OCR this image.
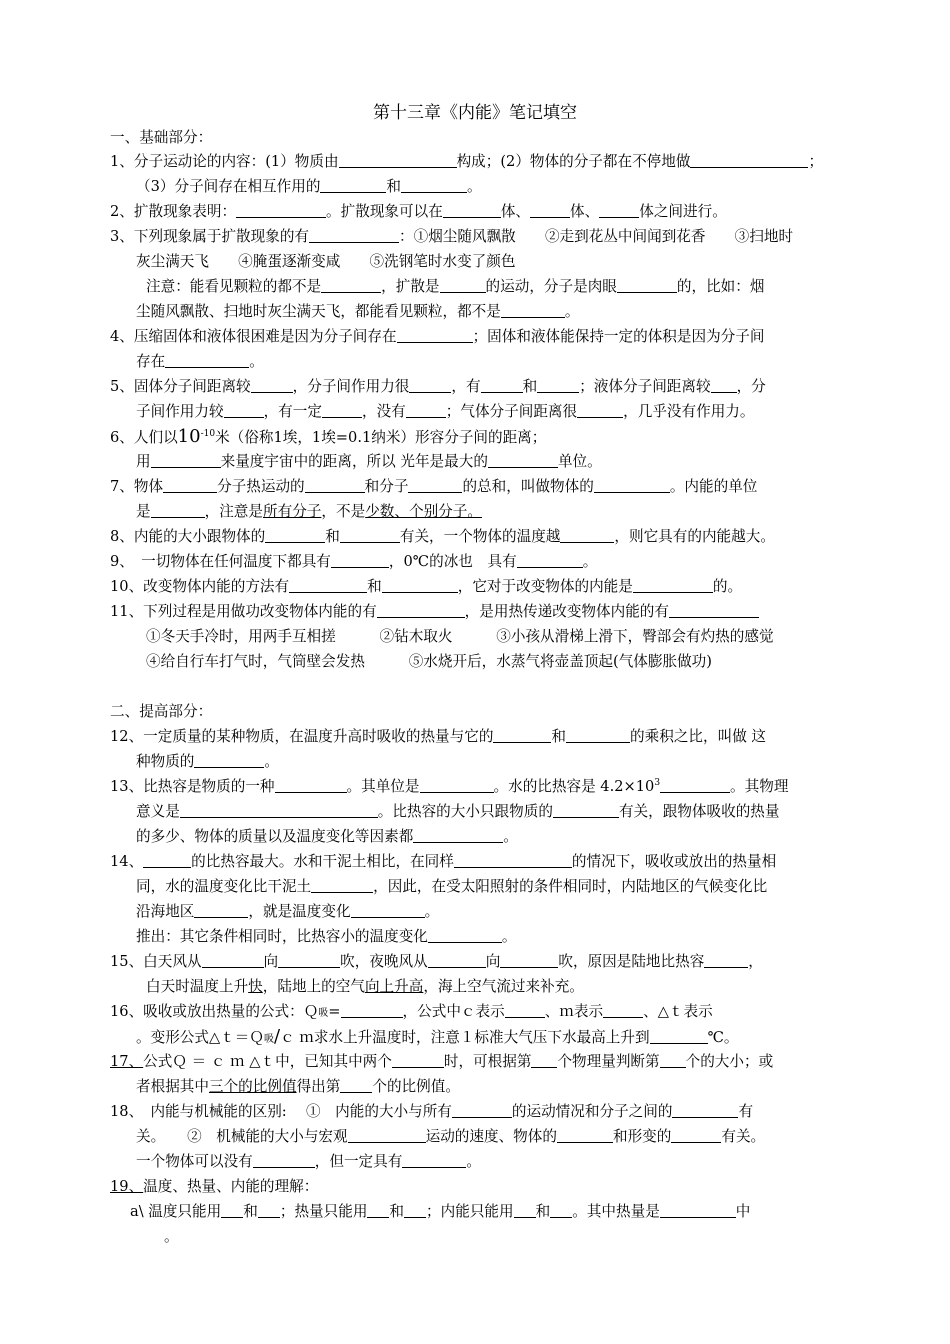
第十三章《内能》笔记填空
一、基础部分：
1、分子运动论的内容：(1）物质由	构成；(2）物体的分子都在不停地做	；
（3）分子间存在相互作用的	和	。
2、扩散现象表明：	。扩散现象可以在	体、	体、	体之间进行。
3、下列现象属于扩散现象的有	：①烟尘随风飘散　　②走到花丛中间闻到花香　　③扫地时
灰尘满天飞　　④腌蛋逐渐变咸　　⑤洗钢笔时水变了颜色
注意：能看见颗粒的都不是	，扩散是	的运动，分子是肉眼	的，比如：烟
尘随风飘散、扫地时灰尘满天飞，都能看见颗粒，都不是	。
4、压缩固体和液体很困难是因为分子间存在	；固体和液体能保持一定的体积是因为分子间
存在	。
5、固体分子间距离较	，分子间作用力很	，有	和	；液体分子间距离较 ，分
子间作用力较	，有一定	，没有	；气体分子间距离很	，几乎没有作用力。
6、人们以$10^{-10}$米（俗称1埃，1埃=0.1纳米）形容分子间的距离；
用	来量度宇宙中的距离，所以 光年是最大的	单位。
7、物体	分子热运动的	和分子	的总和，叫做物体的	。内能的单位
是	，注意是所有分子，不是少数、个别分子。
8、内能的大小跟物体的	和	有关，一个物体的温度越	，则它具有的内能越大。
9、　一切物体在任何温度下都具有	，0℃的冰也　具有	。
10、改变物体内能的方法有	和	，它对于改变物体的内能是	的。
11、下列过程是用做功改变物体内能的有	，是用热传递改变物体内能的有
①冬天手冷时，用两手互相搓　　　②钻木取火　　　③小孩从滑梯上滑下，臀部会有灼热的感觉
④给自行车打气时，气筒壁会发热　　　⑤水烧开后，水蒸气将壶盖顶起(气体膨胀做功)
二、提高部分：
12、一定质量的某种物质，在温度升高时吸收的热量与它的	和	的乘积之比，叫做 这
种物质的	。
13、比热容是物质的一种	。其单位是	。水的比热容是 $4.2\times 10^3$	。其物理
意义是	。比热容的大小只跟物质的	有关，跟物体吸收的热量
的多少、物体的质量以及温度变化等因素都	。
14、	的比热容最大。水和干泥土相比，在同样	的情况下，吸收或放出的热量相
同，水的温度变化比干泥土	，因此，在受太阳照射的条件相同时，内陆地区的气候变化比
沿海地区	，就是温度变化	。
推出：其它条件相同时，比热容小的温度变化	。
15、白天风从	向	吹，夜晚风从	向	吹，原因是陆地比热容	，
白天时温度上升快，陆地上的空气向上升高，海上空气流过来补充。
16、吸收或放出热量的公式：Ｑ吸=	，公式中ｃ表示	、ｍ表示	、△ｔ表示
。变形公式△ｔ＝Ｑ吸/ｃ ｍ求水上升温度时，注意１标准大气压下水最高上升到	℃。
17、公式Ｑ ＝ ｃ ｍ △ｔ中，已知其中两个	时，可根据第 个物理量判断第 个的大小；或
者根据其中三个的比例值得出第 个的比例值。
18、　内能与机械能的区别:　 ①　内能的大小与所有	的运动情况和分子之间的	有
关。　　②　机械能的大小与宏观	运动的速度、物体的	和形变的	有关。
一个物体可以没有	，但一定具有	。
19、温度、热量、内能的理解：
a\ 温度只能用 和 ；热量只能用 和 ；内能只能用 和 。其中热量是	中
。
